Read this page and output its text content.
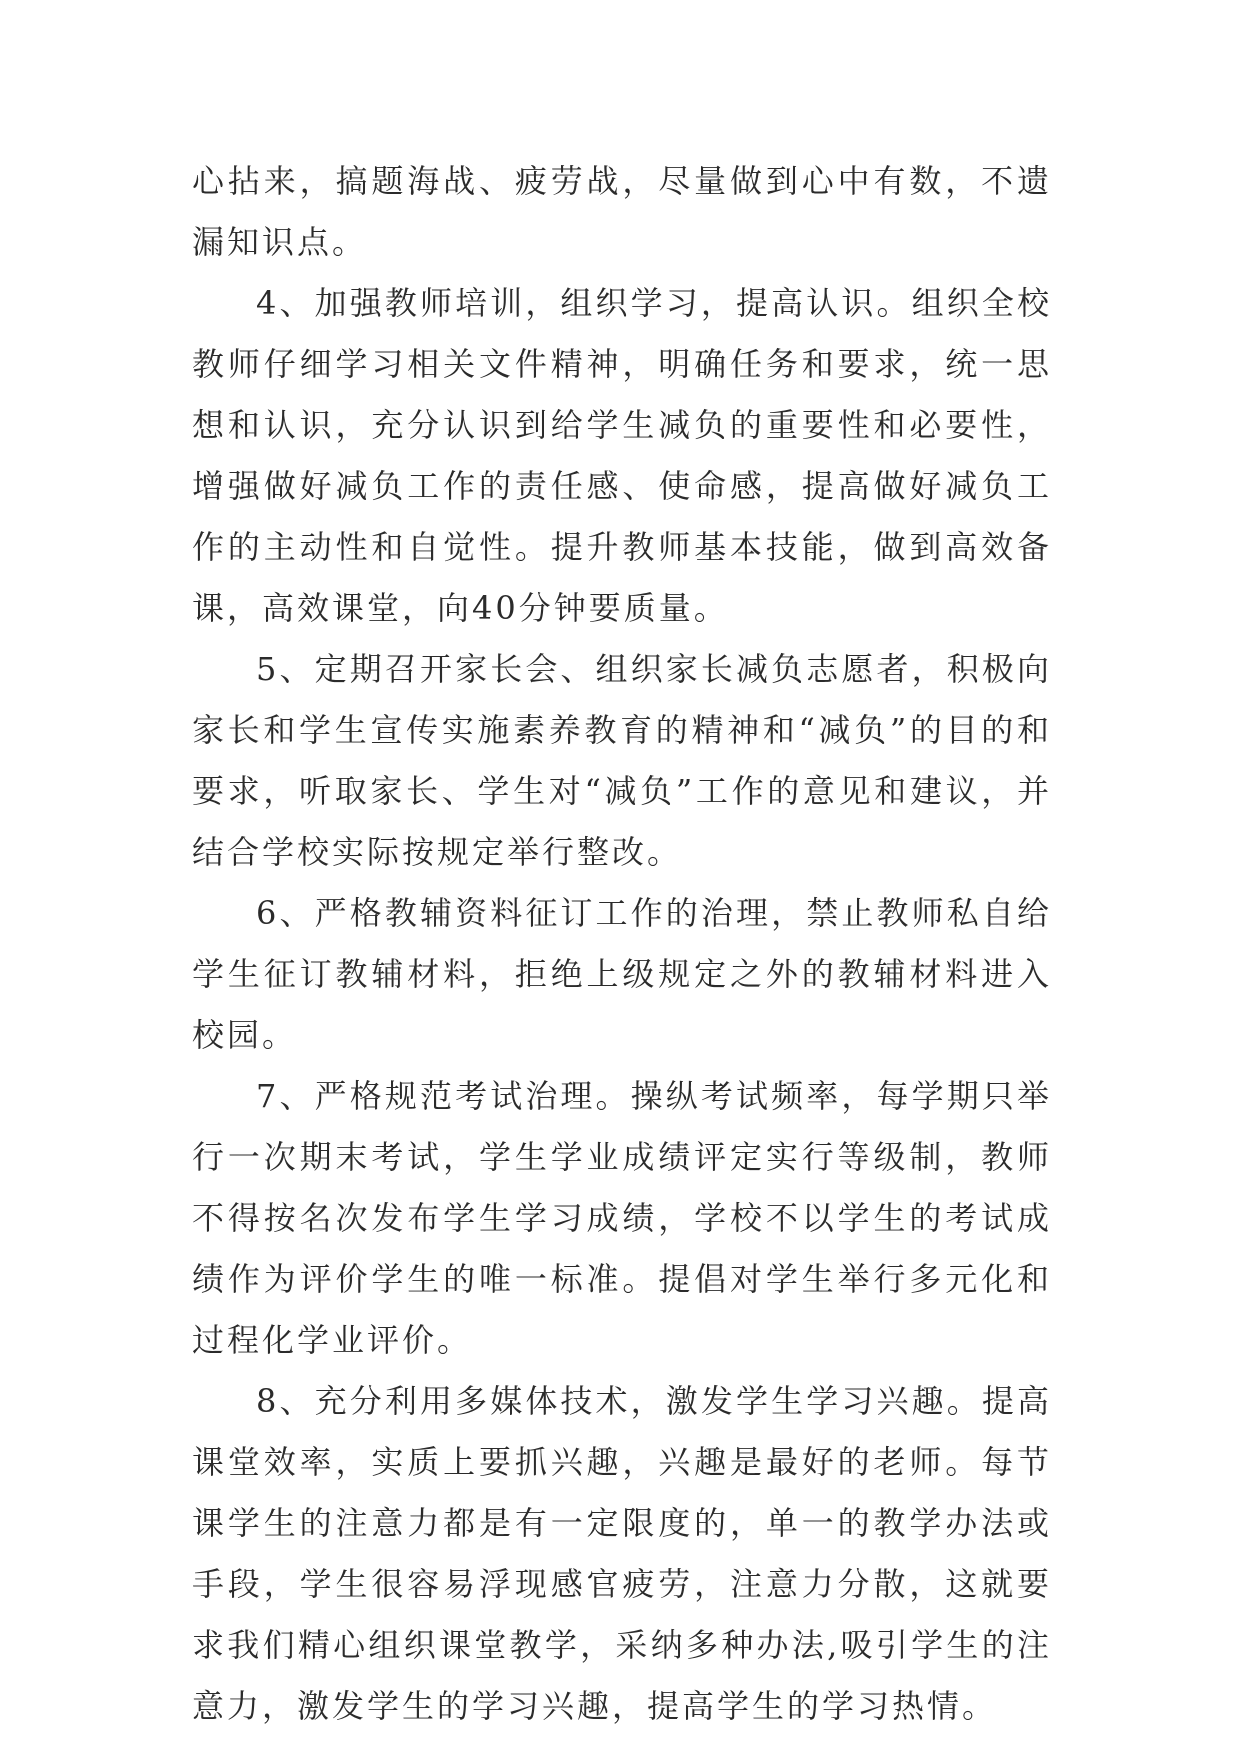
心拈来，搞题海战、疲劳战，尽量做到心中有数，不遗漏知识点。

4、加强教师培训，组织学习，提高认识。组织全校教师仔细学习相关文件精神，明确任务和要求，统一思想和认识，充分认识到给学生减负的重要性和必要性，增强做好减负工作的责任感、使命感，提高做好减负工作的主动性和自觉性。提升教师基本技能，做到高效备课，高效课堂，向40分钟要质量。

5、定期召开家长会、组织家长减负志愿者，积极向家长和学生宣传实施素养教育的精神和“减负”的目的和要求，听取家长、学生对“减负”工作的意见和建议，并结合学校实际按规定举行整改。

6、严格教辅资料征订工作的治理，禁止教师私自给学生征订教辅材料，拒绝上级规定之外的教辅材料进入校园。

7、严格规范考试治理。操纵考试频率，每学期只举行一次期末考试，学生学业成绩评定实行等级制，教师不得按名次发布学生学习成绩，学校不以学生的考试成绩作为评价学生的唯一标准。提倡对学生举行多元化和过程化学业评价。

8、充分利用多媒体技术，激发学生学习兴趣。提高课堂效率，实质上要抓兴趣，兴趣是最好的老师。每节课学生的注意力都是有一定限度的，单一的教学办法或手段，学生很容易浮现感官疲劳，注意力分散，这就要求我们精心组织课堂教学，采纳多种办法,吸引学生的注意力，激发学生的学习兴趣，提高学生的学习热情。
